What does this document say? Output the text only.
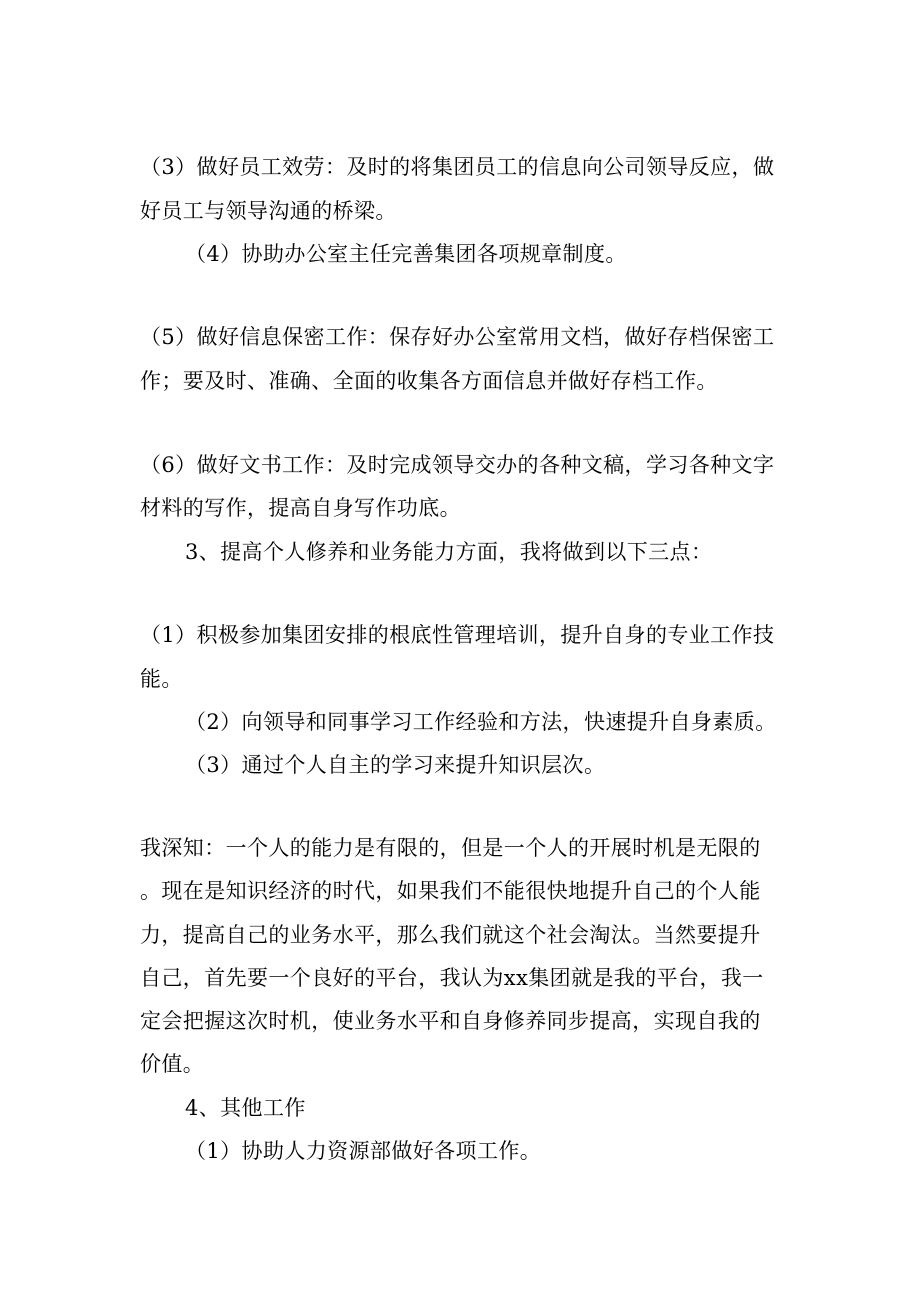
（3）做好员工效劳：及时的将集团员工的信息向公司领导反应，做

好员工与领导沟通的桥梁。

（4）协助办公室主任完善集团各项规章制度。

（5）做好信息保密工作：保存好办公室常用文档，做好存档保密工

作；要及时、准确、全面的收集各方面信息并做好存档工作。

（6）做好文书工作：及时完成领导交办的各种文稿，学习各种文字

材料的写作，提高自身写作功底。

3、提高个人修养和业务能力方面，我将做到以下三点：

（1）积极参加集团安排的根底性管理培训，提升自身的专业工作技

能。

（2）向领导和同事学习工作经验和方法，快速提升自身素质。

（3）通过个人自主的学习来提升知识层次。

我深知：一个人的能力是有限的，但是一个人的开展时机是无限的

。现在是知识经济的时代，如果我们不能很快地提升自己的个人能

力，提高自己的业务水平，那么我们就这个社会淘汰。当然要提升

自己，首先要一个良好的平台，我认为xx集团就是我的平台，我一

定会把握这次时机，使业务水平和自身修养同步提高，实现自我的

价值。

4、其他工作

（1）协助人力资源部做好各项工作。
